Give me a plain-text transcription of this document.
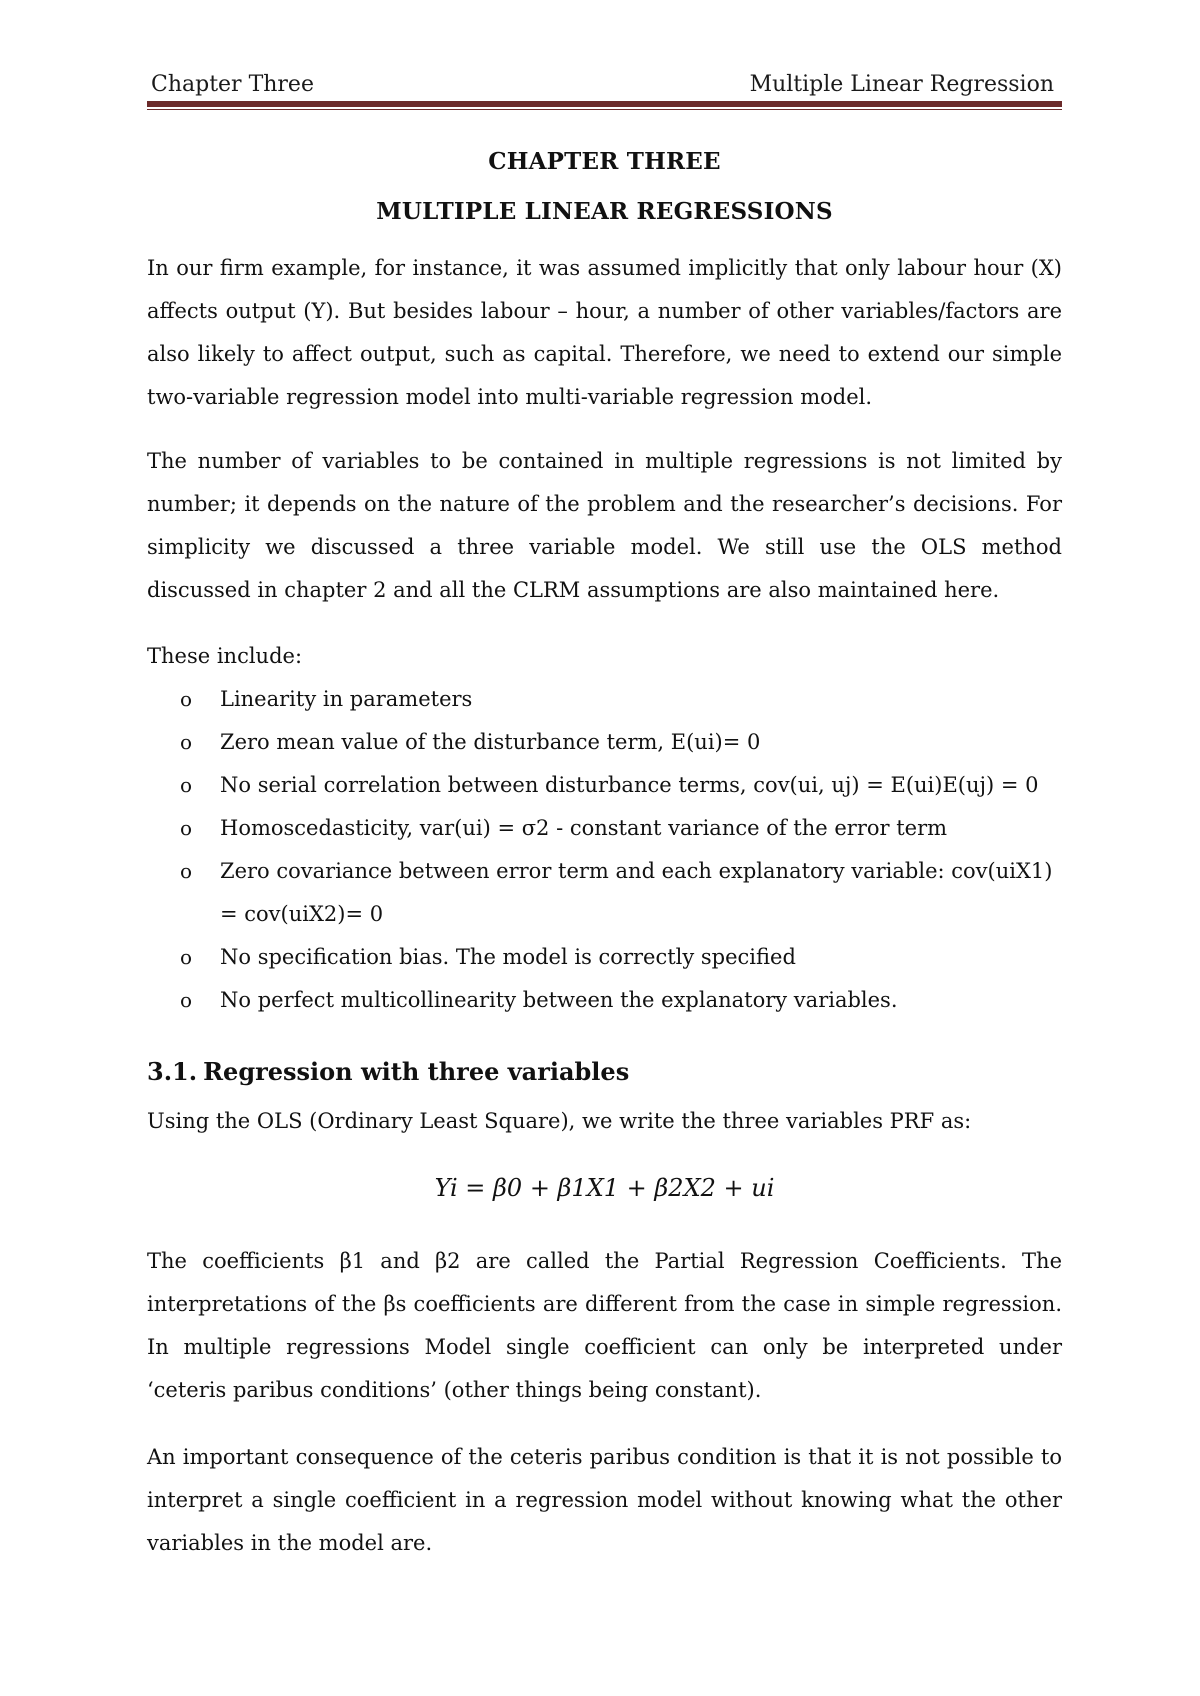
Chapter Three	Multiple Linear Regression
CHAPTER THREE
MULTIPLE LINEAR REGRESSIONS
In our firm example, for instance, it was assumed implicitly that only labour hour (X) affects output (Y). But besides labour – hour, a number of other variables/factors are also likely to affect output, such as capital. Therefore, we need to extend our simple two-variable regression model into multi-variable regression model.
The number of variables to be contained in multiple regressions is not limited by number; it depends on the nature of the problem and the researcher’s decisions. For simplicity we discussed a three variable model. We still use the OLS method discussed in chapter 2 and all the CLRM assumptions are also maintained here.
These include:
o Linearity in parameters
o Zero mean value of the disturbance term, E(ui)= 0
o No serial correlation between disturbance terms, cov(ui, uj) = E(ui)E(uj) = 0
o Homoscedasticity, var(ui) = σ2 - constant variance of the error term
o Zero covariance between error term and each explanatory variable: cov(uiX1) = cov(uiX2)= 0
o No specification bias. The model is correctly specified
o No perfect multicollinearity between the explanatory variables.
3.1. Regression with three variables
Using the OLS (Ordinary Least Square), we write the three variables PRF as:
Yi = β0 + β1X1 + β2X2 + ui
The coefficients β1 and β2 are called the Partial Regression Coefficients. The interpretations of the βs coefficients are different from the case in simple regression. In multiple regressions Model single coefficient can only be interpreted under ‘ceteris paribus conditions’ (other things being constant).
An important consequence of the ceteris paribus condition is that it is not possible to interpret a single coefficient in a regression model without knowing what the other variables in the model are.
